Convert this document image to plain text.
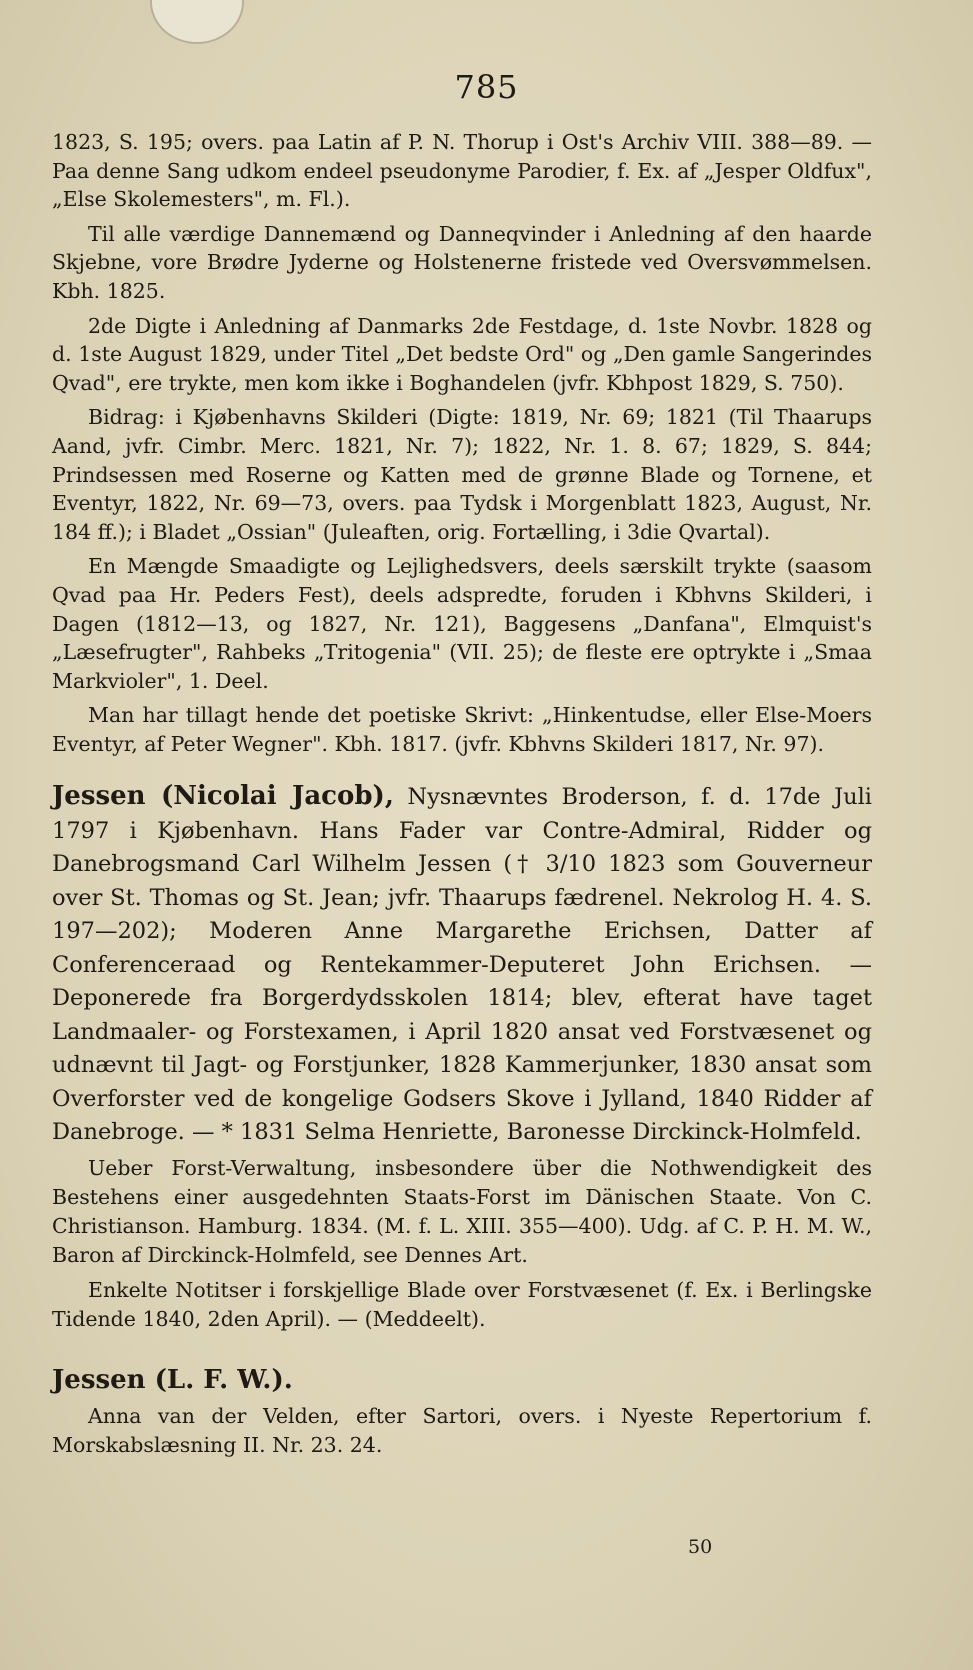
785

1823, S. 195; overs. paa Latin af P. N. Thorup i Ost's Archiv VIII. 388—89. — Paa denne Sang udkom endeel pseudonyme Parodier, f. Ex. af „Jesper Oldfux", „Else Skolemesters", m. Fl.).

Til alle værdige Dannemænd og Danneqvinder i Anledning af den haarde Skjebne, vore Brødre Jyderne og Holstenerne fristede ved Oversvømmelsen. Kbh. 1825.

2de Digte i Anledning af Danmarks 2de Festdage, d. 1ste Novbr. 1828 og d. 1ste August 1829, under Titel „Det bedste Ord" og „Den gamle Sangerindes Qvad", ere trykte, men kom ikke i Boghandelen (jvfr. Kbhpost 1829, S. 750).

Bidrag: i Kjøbenhavns Skilderi (Digte: 1819, Nr. 69; 1821 (Til Thaarups Aand, jvfr. Cimbr. Merc. 1821, Nr. 7); 1822, Nr. 1. 8. 67; 1829, S. 844; Prindsessen med Roserne og Katten med de grønne Blade og Tornene, et Eventyr, 1822, Nr. 69—73, overs. paa Tydsk i Morgenblatt 1823, August, Nr. 184 ff.); i Bladet „Ossian" (Juleaften, orig. Fortælling, i 3die Qvartal).

En Mængde Smaadigte og Lejlighedsvers, deels særskilt trykte (saasom Qvad paa Hr. Peders Fest), deels adspredte, foruden i Kbhvns Skilderi, i Dagen (1812—13, og 1827, Nr. 121), Baggesens „Danfana", Elmquist's „Læsefrugter", Rahbeks „Tritogenia" (VII. 25); de fleste ere optrykte i „Smaa Markvioler", 1. Deel.

Man har tillagt hende det poetiske Skrivt: „Hinkentudse, eller Else-Moers Eventyr, af Peter Wegner". Kbh. 1817. (jvfr. Kbhvns Skilderi 1817, Nr. 97).

Jessen (Nicolai Jacob), Nysnævntes Broderson, f. d. 17de Juli 1797 i Kjøbenhavn. Hans Fader var Contre-Admiral, Ridder og Danebrogsmand Carl Wilhelm Jessen († 3/10 1823 som Gouverneur over St. Thomas og St. Jean; jvfr. Thaarups fædrenel. Nekrolog H. 4. S. 197—202); Moderen Anne Margarethe Erichsen, Datter af Conferenceraad og Rentekammer-Deputeret John Erichsen. — Deponerede fra Borgerdydsskolen 1814; blev, efterat have taget Landmaaler- og Forstexamen, i April 1820 ansat ved Forstvæsenet og udnævnt til Jagt- og Forstjunker, 1828 Kammerjunker, 1830 ansat som Overforster ved de kongelige Godsers Skove i Jylland, 1840 Ridder af Danebroge. — * 1831 Selma Henriette, Baronesse Dirckinck-Holmfeld.

Ueber Forst-Verwaltung, insbesondere über die Nothwendigkeit des Bestehens einer ausgedehnten Staats-Forst im Dänischen Staate. Von C. Christianson. Hamburg. 1834. (M. f. L. XIII. 355—400). Udg. af C. P. H. M. W., Baron af Dirckinck-Holmfeld, see Dennes Art.

Enkelte Notitser i forskjellige Blade over Forstvæsenet (f. Ex. i Berlingske Tidende 1840, 2den April). — (Meddeelt).

Jessen (L. F. W.).

Anna van der Velden, efter Sartori, overs. i Nyeste Repertorium f. Morskabslæsning II. Nr. 23. 24.

50
